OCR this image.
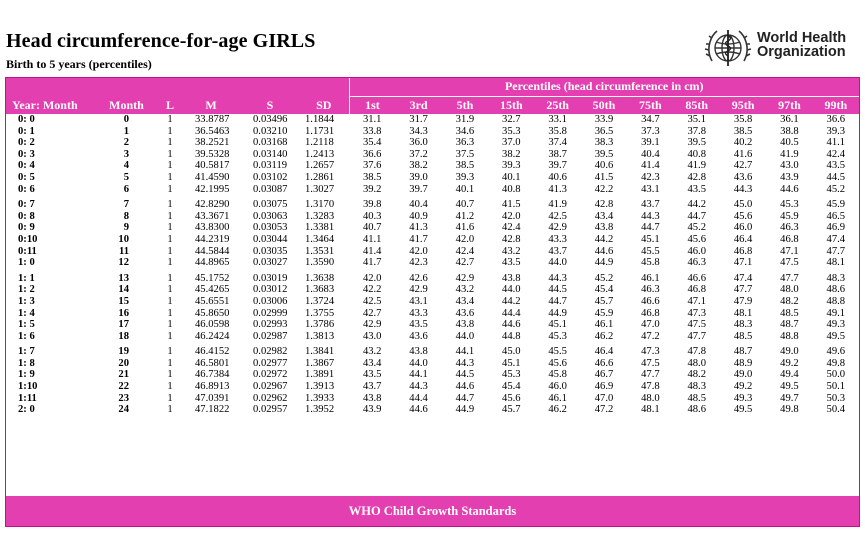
Head circumference-for-age GIRLS
Birth to 5 years (percentiles)
World Health
Organization
						Percentiles (head circumference in cm)										
Year: Month	Month	L	M	S	SD	1st	3rd	5th	15th	25th	50th	75th	85th	95th	97th	99th
0: 0	0	1	33.8787	0.03496	1.1844	31.1	31.7	31.9	32.7	33.1	33.9	34.7	35.1	35.8	36.1	36.6
0: 1	1	1	36.5463	0.03210	1.1731	33.8	34.3	34.6	35.3	35.8	36.5	37.3	37.8	38.5	38.8	39.3
0: 2	2	1	38.2521	0.03168	1.2118	35.4	36.0	36.3	37.0	37.4	38.3	39.1	39.5	40.2	40.5	41.1
0: 3	3	1	39.5328	0.03140	1.2413	36.6	37.2	37.5	38.2	38.7	39.5	40.4	40.8	41.6	41.9	42.4
0: 4	4	1	40.5817	0.03119	1.2657	37.6	38.2	38.5	39.3	39.7	40.6	41.4	41.9	42.7	43.0	43.5
0: 5	5	1	41.4590	0.03102	1.2861	38.5	39.0	39.3	40.1	40.6	41.5	42.3	42.8	43.6	43.9	44.5
0: 6	6	1	42.1995	0.03087	1.3027	39.2	39.7	40.1	40.8	41.3	42.2	43.1	43.5	44.3	44.6	45.2
0: 7	7	1	42.8290	0.03075	1.3170	39.8	40.4	40.7	41.5	41.9	42.8	43.7	44.2	45.0	45.3	45.9
0: 8	8	1	43.3671	0.03063	1.3283	40.3	40.9	41.2	42.0	42.5	43.4	44.3	44.7	45.6	45.9	46.5
0: 9	9	1	43.8300	0.03053	1.3381	40.7	41.3	41.6	42.4	42.9	43.8	44.7	45.2	46.0	46.3	46.9
0:10	10	1	44.2319	0.03044	1.3464	41.1	41.7	42.0	42.8	43.3	44.2	45.1	45.6	46.4	46.8	47.4
0:11	11	1	44.5844	0.03035	1.3531	41.4	42.0	42.4	43.2	43.7	44.6	45.5	46.0	46.8	47.1	47.7
1: 0	12	1	44.8965	0.03027	1.3590	41.7	42.3	42.7	43.5	44.0	44.9	45.8	46.3	47.1	47.5	48.1
1: 1	13	1	45.1752	0.03019	1.3638	42.0	42.6	42.9	43.8	44.3	45.2	46.1	46.6	47.4	47.7	48.3
1: 2	14	1	45.4265	0.03012	1.3683	42.2	42.9	43.2	44.0	44.5	45.4	46.3	46.8	47.7	48.0	48.6
1: 3	15	1	45.6551	0.03006	1.3724	42.5	43.1	43.4	44.2	44.7	45.7	46.6	47.1	47.9	48.2	48.8
1: 4	16	1	45.8650	0.02999	1.3755	42.7	43.3	43.6	44.4	44.9	45.9	46.8	47.3	48.1	48.5	49.1
1: 5	17	1	46.0598	0.02993	1.3786	42.9	43.5	43.8	44.6	45.1	46.1	47.0	47.5	48.3	48.7	49.3
1: 6	18	1	46.2424	0.02987	1.3813	43.0	43.6	44.0	44.8	45.3	46.2	47.2	47.7	48.5	48.8	49.5
1: 7	19	1	46.4152	0.02982	1.3841	43.2	43.8	44.1	45.0	45.5	46.4	47.3	47.8	48.7	49.0	49.6
1: 8	20	1	46.5801	0.02977	1.3867	43.4	44.0	44.3	45.1	45.6	46.6	47.5	48.0	48.9	49.2	49.8
1: 9	21	1	46.7384	0.02972	1.3891	43.5	44.1	44.5	45.3	45.8	46.7	47.7	48.2	49.0	49.4	50.0
1:10	22	1	46.8913	0.02967	1.3913	43.7	44.3	44.6	45.4	46.0	46.9	47.8	48.3	49.2	49.5	50.1
1:11	23	1	47.0391	0.02962	1.3933	43.8	44.4	44.7	45.6	46.1	47.0	48.0	48.5	49.3	49.7	50.3
2: 0	24	1	47.1822	0.02957	1.3952	43.9	44.6	44.9	45.7	46.2	47.2	48.1	48.6	49.5	49.8	50.4
WHO Child Growth Standards
